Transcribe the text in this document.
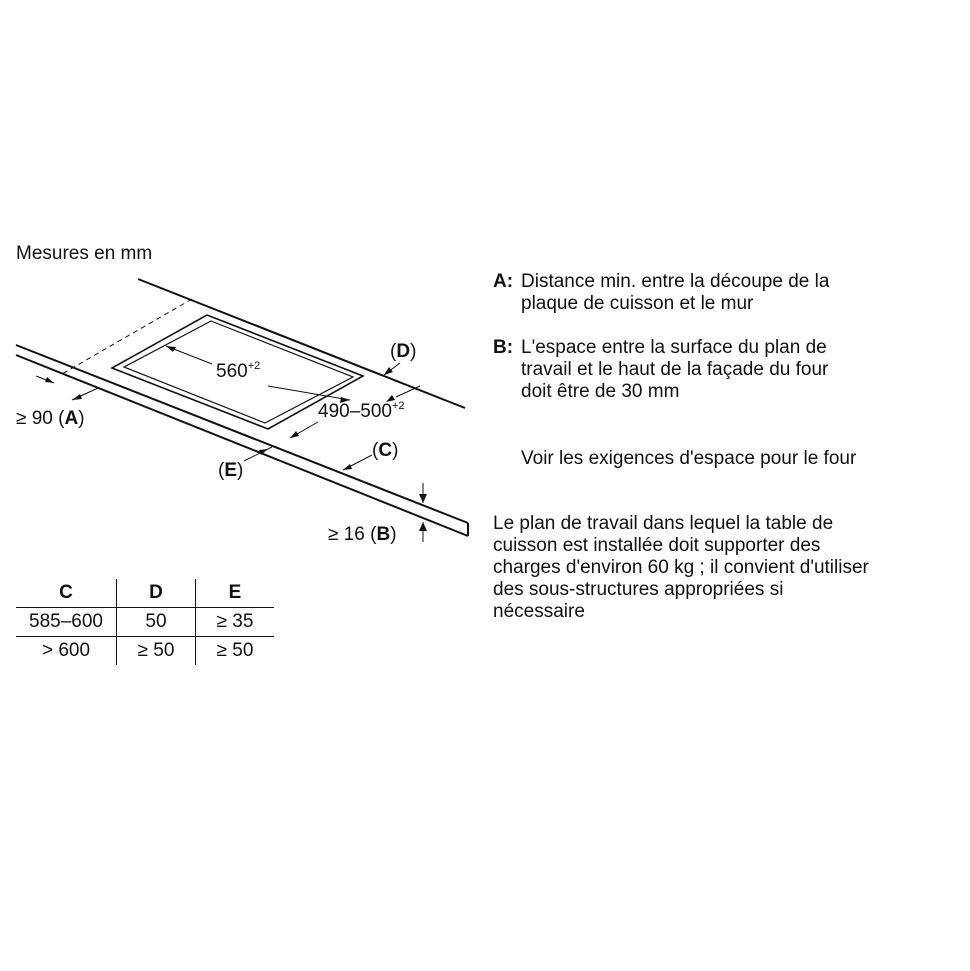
Mesures en mm
$560^{+2}$
$490-500^{+2}$
(D)
(C)
(E)
≥ 90 (A)
≥ 16 (B)
C	D	E
585–600	50	≥ 35
> 600	≥ 50	≥ 50
A: Distance min. entre la découpe de la
plaque de cuisson et le mur
B: L'espace entre la surface du plan de
travail et le haut de la façade du four
doit être de 30 mm
Voir les exigences d'espace pour le four
Le plan de travail dans lequel la table de
cuisson est installée doit supporter des
charges d'environ 60 kg ; il convient d'utiliser
des sous-structures appropriées si
nécessaire
